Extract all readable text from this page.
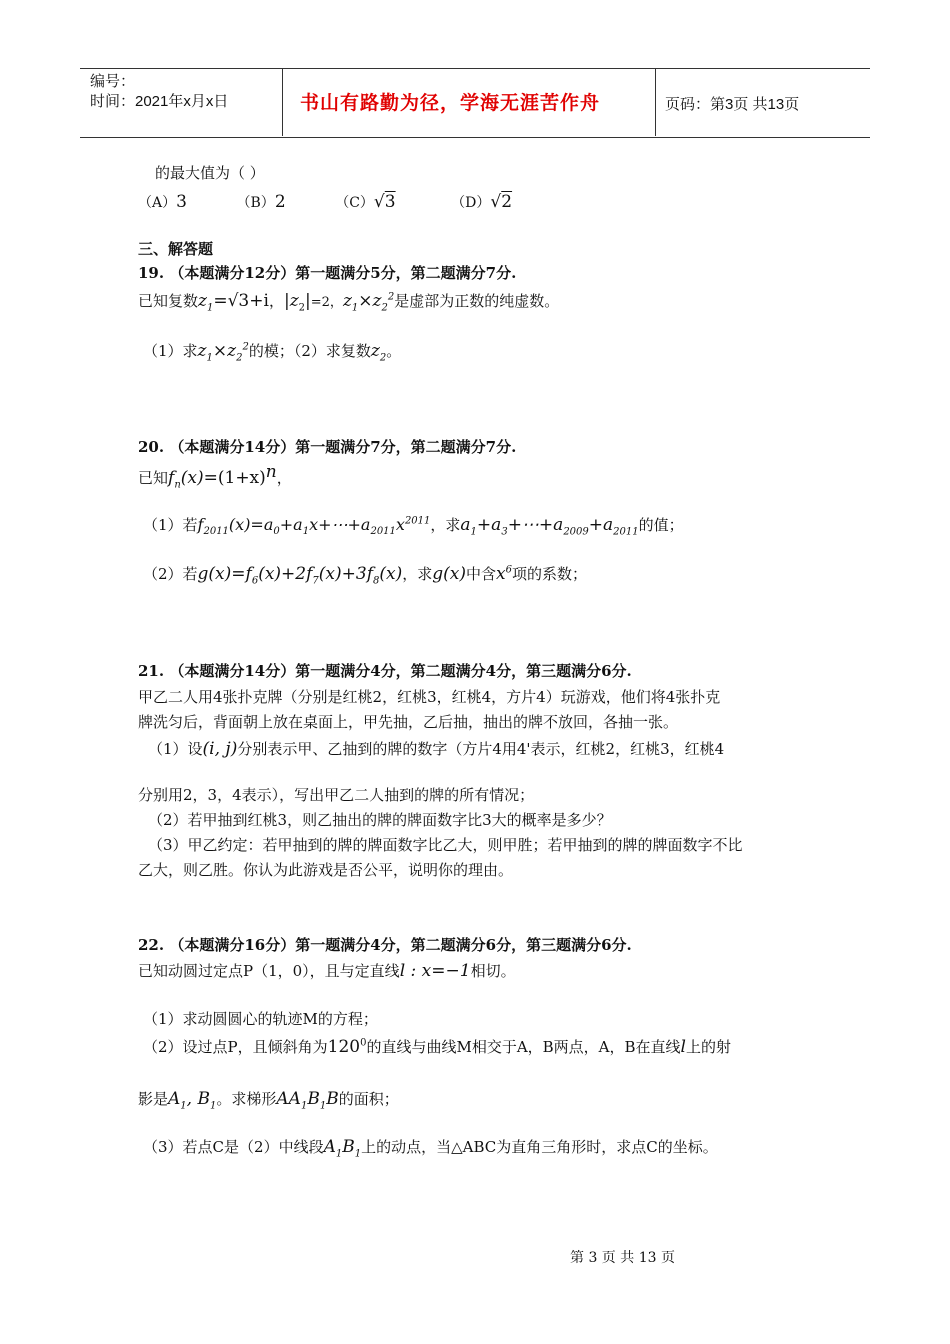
编号：
时间：2021年x月x日	书山有路勤为径，学海无涯苦作舟	页码：第3页 共13页
的最大值为（ ）
（A）3	（B）2	（C）√3	（D）√2
三、解答题
19. （本题满分12分）第一题满分5分，第二题满分7分.
已知复数$z_1=√3+i$，$|z_2|=2$，$z_1\times z_2^2$是虚部为正数的纯虚数。
（1）求$z_1\times z_2^2$的模；（2）求复数$z_2$。
20. （本题满分14分）第一题满分7分，第二题满分7分.
已知$f_n(x)=(1+x)^n$，
（1）若$f_{2011}(x)=a_0+a_1x+\cdots+a_{2011}x^{2011}$，求$a_1+a_3+\cdots+a_{2009}+a_{2011}$的值；
（2）若$g(x)=f_6(x)+2f_7(x)+3f_8(x)$，求g(x)中含$x^6$项的系数；
21. （本题满分14分）第一题满分4分，第二题满分4分，第三题满分6分.
甲乙二人用4张扑克牌（分别是红桃2，红桃3，红桃4，方片4）玩游戏，他们将4张扑克
牌洗匀后，背面朝上放在桌面上，甲先抽，乙后抽，抽出的牌不放回，各抽一张。
（1）设(i, j)分别表示甲、乙抽到的牌的数字（方片4用4'表示，红桃2，红桃3，红桃4
分别用2，3，4表示），写出甲乙二人抽到的牌的所有情况；
（2）若甲抽到红桃3，则乙抽出的牌的牌面数字比3大的概率是多少？
（3）甲乙约定：若甲抽到的牌的牌面数字比乙大，则甲胜；若甲抽到的牌的牌面数字不比
乙大，则乙胜。你认为此游戏是否公平，说明你的理由。
22. （本题满分16分）第一题满分4分，第二题满分6分，第三题满分6分.
已知动圆过定点P（1，0），且与定直线l : x=−1相切。
（1）求动圆圆心的轨迹M的方程；
（2）设过点P，且倾斜角为$120^0$的直线与曲线M相交于A，B两点，A，B在直线l上的射
影是$A_1$, $B_1$。求梯形$AA_1B_1B$的面积；
（3）若点C是（2）中线段$A_1B_1$上的动点，当△ABC为直角三角形时，求点C的坐标。
第 3 页 共 13 页
